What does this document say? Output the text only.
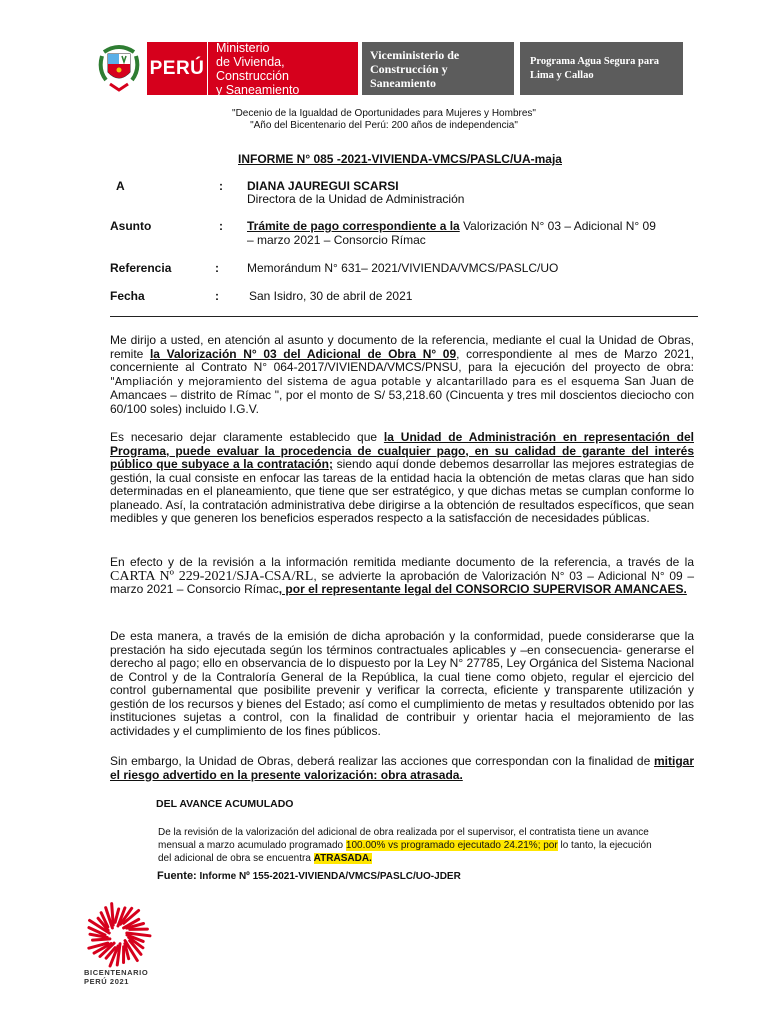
PERÚ
Ministerio
de Vivienda, Construcción
y Saneamiento
Viceministerio de
Construcción y Saneamiento
Programa Agua Segura para Lima y Callao
"Decenio de la Igualdad de Oportunidades para Mujeres y Hombres"
"Año del Bicentenario del Perú: 200 años de independencia"
INFORME N° 085 -2021-VIVIENDA-VMCS/PASLC/UA-maja
A	: DIANA JAUREGUI SCARSI
Directora de la Unidad de Administración
Asunto	: Trámite de pago correspondiente a la Valorización N° 03 – Adicional N° 09
– marzo 2021 – Consorcio Rímac
Referencia	: Memorándum N° 631– 2021/VIVIENDA/VMCS/PASLC/UO
Fecha	:	San Isidro, 30 de abril de 2021

Me dirijo a usted, en atención al asunto y documento de la referencia, mediante el cual la Unidad de Obras, remite la Valorización N° 03 del Adicional de Obra N° 09, correspondiente al mes de Marzo 2021, concerniente al Contrato N° 064-2017/VIVIENDA/VMCS/PNSU, para la ejecución del proyecto de obra: "Ampliación y mejoramiento del sistema de agua potable y alcantarillado para es el esquema San Juan de Amancaes – distrito de Rímac ", por el monto de S/ 53,218.60 (Cincuenta y tres mil doscientos dieciocho con 60/100 soles) incluido I.G.V.

Es necesario dejar claramente establecido que la Unidad de Administración en representación del Programa, puede evaluar la procedencia de cualquier pago, en su calidad de garante del interés público que subyace a la contratación; siendo aquí donde debemos desarrollar las mejores estrategias de gestión, la cual consiste en enfocar las tareas de la entidad hacia la obtención de metas claras que han sido determinadas en el planeamiento, que tiene que ser estratégico, y que dichas metas se cumplan conforme lo planeado. Así, la contratación administrativa debe dirigirse a la obtención de resultados específicos, que sean medibles y que generen los beneficios esperados respecto a la satisfacción de necesidades públicas.

En efecto y de la revisión a la información remitida mediante documento de la referencia, a través de la CARTA Nº 229-2021/SJA-CSA/RL, se advierte la aprobación de Valorización N° 03 – Adicional N° 09 – marzo 2021 – Consorcio Rímac, por el representante legal del CONSORCIO SUPERVISOR AMANCAES.

De esta manera, a través de la emisión de dicha aprobación y la conformidad, puede considerarse que la prestación ha sido ejecutada según los términos contractuales aplicables y –en consecuencia- generarse el derecho al pago; ello en observancia de lo dispuesto por la Ley N° 27785, Ley Orgánica del Sistema Nacional de Control y de la Contraloría General de la República, la cual tiene como objeto, regular el ejercicio del control gubernamental que posibilite prevenir y verificar la correcta, eficiente y transparente utilización y gestión de los recursos y bienes del Estado; así como el cumplimiento de metas y resultados obtenido por las instituciones sujetas a control, con la finalidad de contribuir y orientar hacia el mejoramiento de las actividades y el cumplimiento de los fines públicos.

Sin embargo, la Unidad de Obras, deberá realizar las acciones que correspondan con la finalidad de mitigar el riesgo advertido en la presente valorización: obra atrasada.

DEL AVANCE ACUMULADO
De la revisión de la valorización del adicional de obra realizada por el supervisor, el contratista tiene un avance
mensual a marzo acumulado programado 100.00% vs programado ejecutado 24.21%; por lo tanto, la ejecución
del adicional de obra se encuentra ATRASADA.
Fuente: Informe Nº 155-2021-VIVIENDA/VMCS/PASLC/UO-JDER
BICENTENARIO
PERÚ 2021
